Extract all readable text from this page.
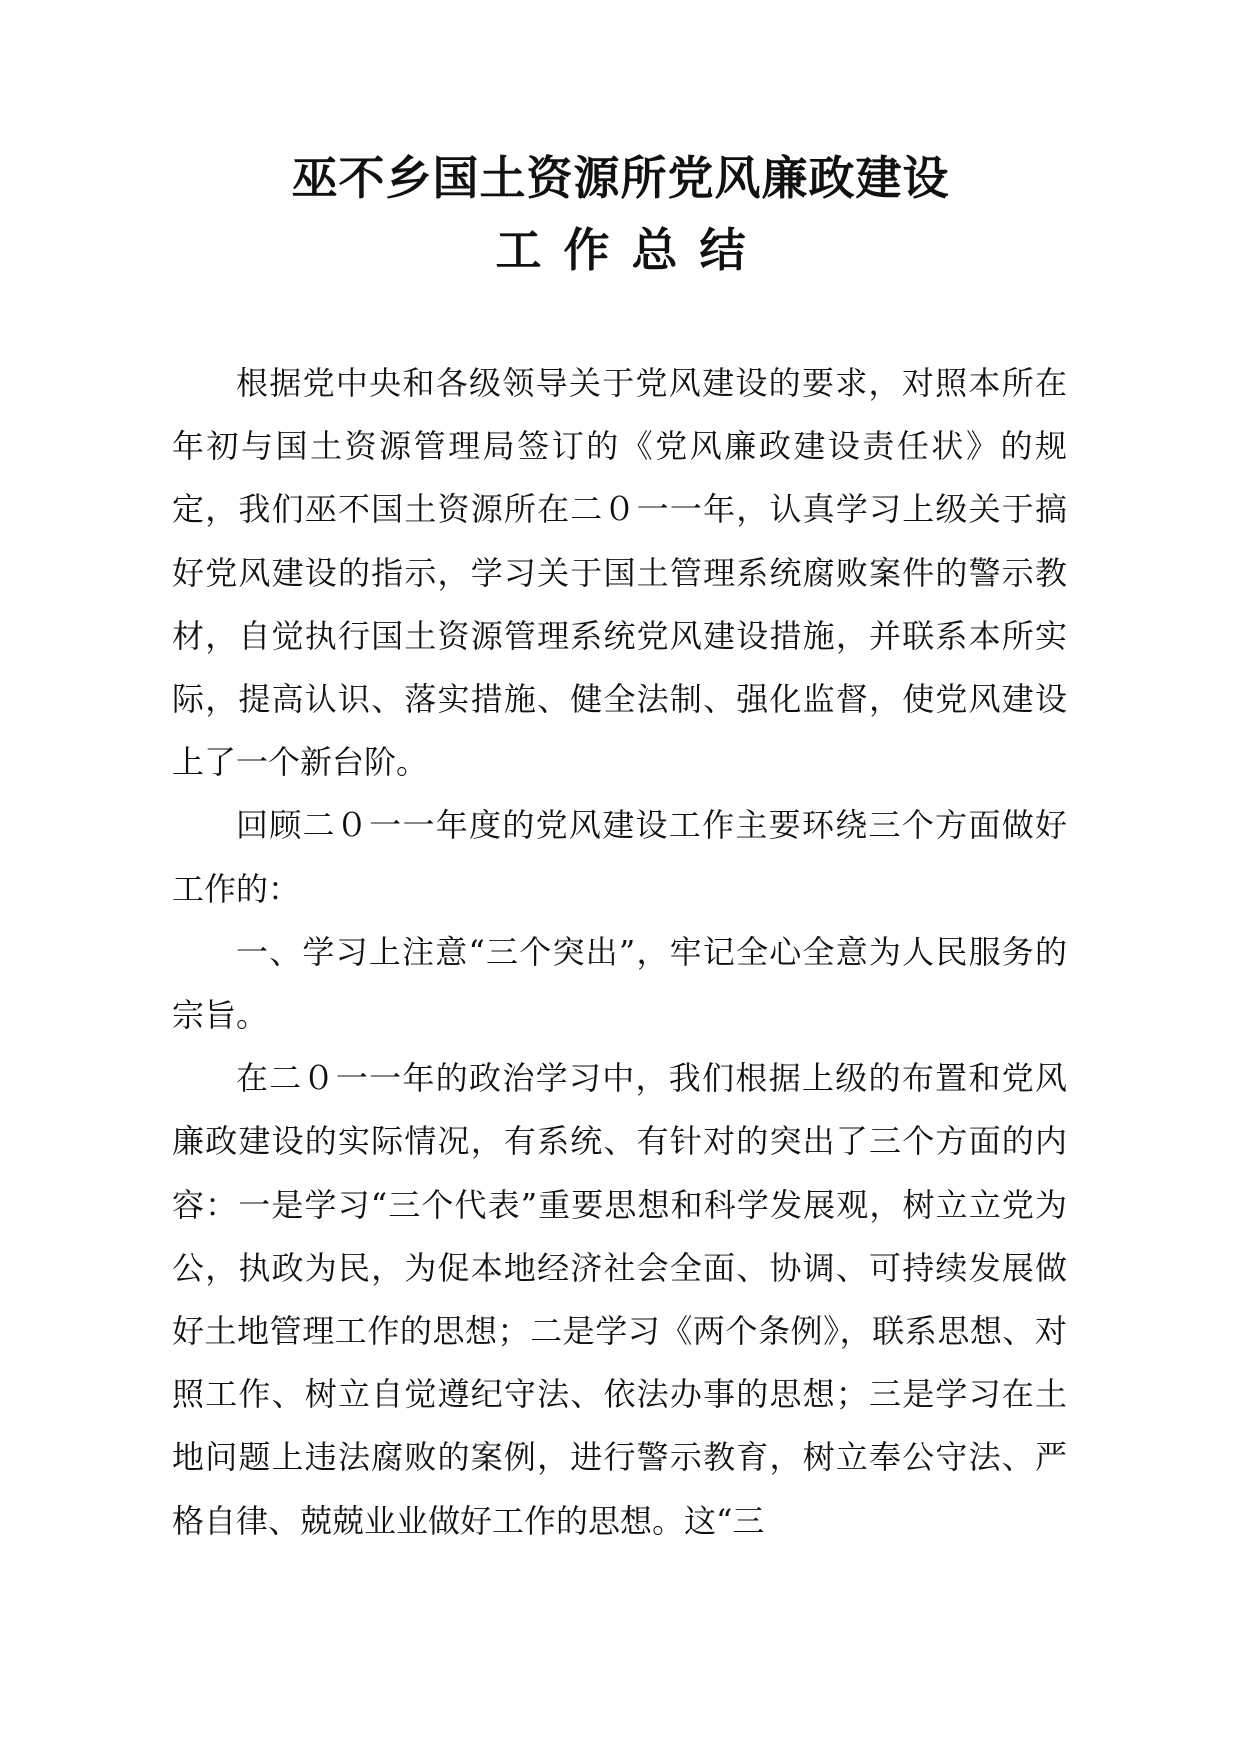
巫不乡国土资源所党风廉政建设
工作总结

根据党中央和各级领导关于党风建设的要求，对照本所在年初与国土资源管理局签订的《党风廉政建设责任状》的规定，我们巫不国土资源所在二０一一年，认真学习上级关于搞好党风建设的指示，学习关于国土管理系统腐败案件的警示教材，自觉执行国土资源管理系统党风建设措施，并联系本所实际，提高认识、落实措施、健全法制、强化监督，使党风建设上了一个新台阶。

回顾二０一一年度的党风建设工作主要环绕三个方面做好工作的：

一、学习上注意“三个突出”，牢记全心全意为人民服务的宗旨。

在二０一一年的政治学习中，我们根据上级的布置和党风廉政建设的实际情况，有系统、有针对的突出了三个方面的内容：一是学习“三个代表”重要思想和科学发展观，树立立党为公，执政为民，为促本地经济社会全面、协调、可持续发展做好土地管理工作的思想；二是学习《两个条例》，联系思想、对照工作、树立自觉遵纪守法、依法办事的思想；三是学习在土地问题上违法腐败的案例，进行警示教育，树立奉公守法、严格自律、兢兢业业做好工作的思想。这“三
